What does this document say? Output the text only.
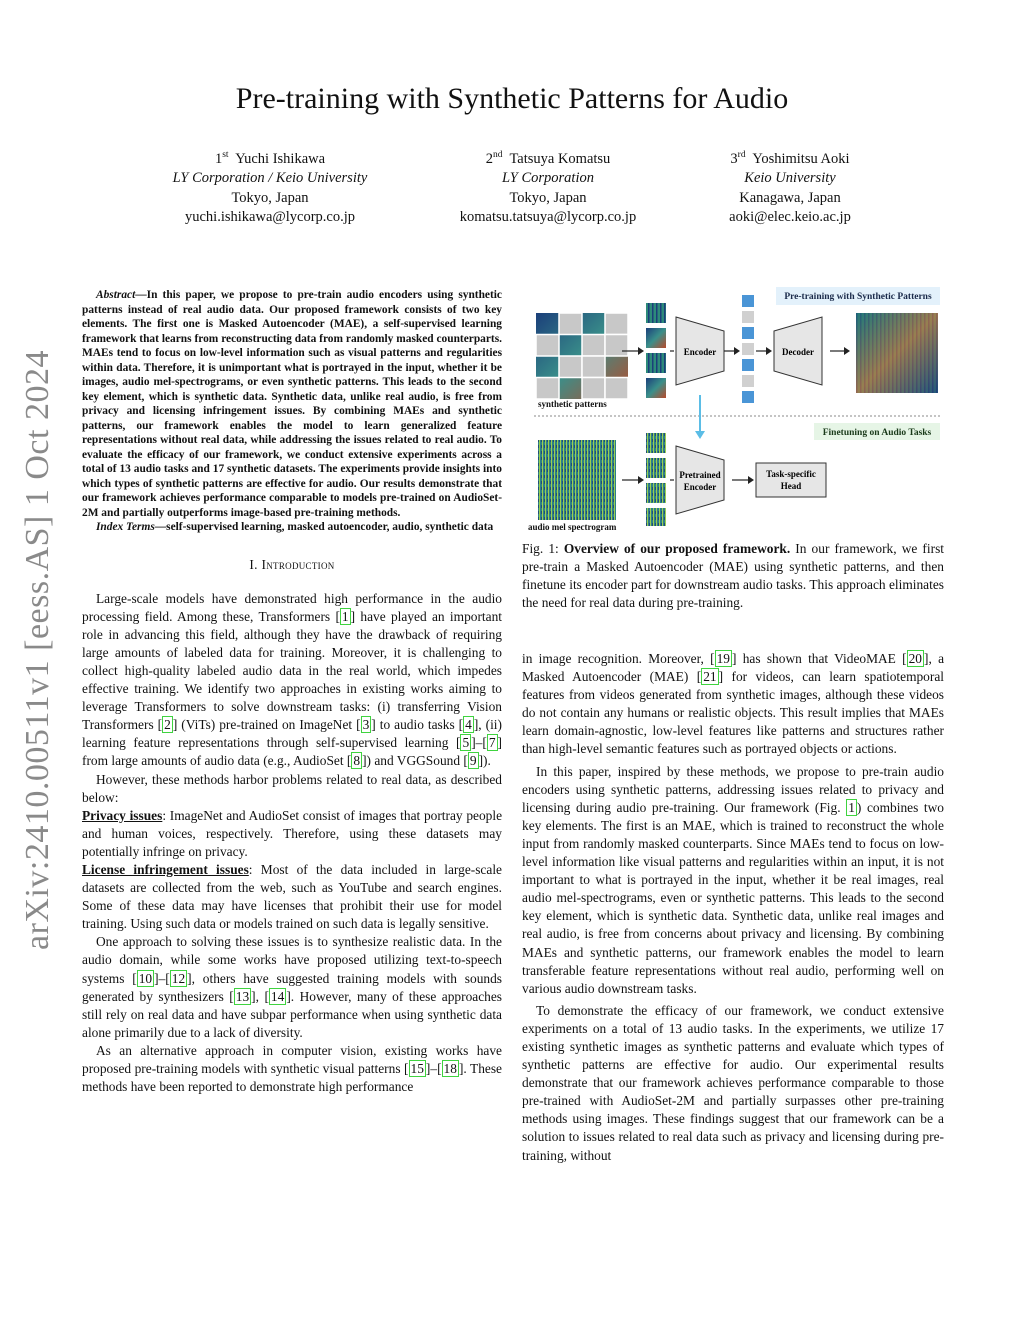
arXiv:2410.00511v1 [eess.AS] 1 Oct 2024
Pre-training with Synthetic Patterns for Audio
1st Yuchi Ishikawa
LY Corporation / Keio University
Tokyo, Japan
yuchi.ishikawa@lycorp.co.jp
2nd Tatsuya Komatsu
LY Corporation
Tokyo, Japan
komatsu.tatsuya@lycorp.co.jp
3rd Yoshimitsu Aoki
Keio University
Kanagawa, Japan
aoki@elec.keio.ac.jp

Abstract—In this paper, we propose to pre-train audio encoders using synthetic patterns instead of real audio data. Our proposed framework consists of two key elements. The first one is Masked Autoencoder (MAE), a self-supervised learning framework that learns from reconstructing data from randomly masked counterparts. MAEs tend to focus on low-level information such as visual patterns and regularities within data. Therefore, it is unimportant what is portrayed in the input, whether it be images, audio mel-spectrograms, or even synthetic patterns. This leads to the second key element, which is synthetic data. Synthetic data, unlike real audio, is free from privacy and licensing infringement issues. By combining MAEs and synthetic patterns, our framework enables the model to learn generalized feature representations without real data, while addressing the issues related to real audio. To evaluate the efficacy of our framework, we conduct extensive experiments across a total of 13 audio tasks and 17 synthetic datasets. The experiments provide insights into which types of synthetic patterns are effective for audio. Our results demonstrate that our framework achieves performance comparable to models pre-trained on AudioSet-2M and partially outperforms image-based pre-training methods.

Index Terms—self-supervised learning, masked autoencoder, audio, synthetic data

I. Introduction

Large-scale models have demonstrated high performance in the audio processing field. Among these, Transformers [ 1 ] have played an important role in advancing this field, although they have the drawback of requiring large amounts of labeled data for training. Moreover, it is challenging to collect high-quality labeled audio data in the real world, which impedes effective training. We identify two approaches in existing works aiming to leverage Transformers to solve downstream tasks: (i) transferring Vision Transformers [ 2 ] (ViTs) pre-trained on ImageNet [ 3 ] to audio tasks [ 4 ], (ii) learning feature representations through self-supervised learning [ 5 ]–[ 7 ] from large amounts of audio data (e.g., AudioSet [ 8 ]) and VGGSound [ 9 ]).

However, these methods harbor problems related to real data, as described below:

Privacy issues: ImageNet and AudioSet consist of images that portray people and human voices, respectively. Therefore, using these datasets may potentially infringe on privacy.

License infringement issues: Most of the data included in large-scale datasets are collected from the web, such as YouTube and search engines. Some of these data may have licenses that prohibit their use for model training. Using such data or models trained on such data is legally sensitive.

One approach to solving these issues is to synthesize realistic data. In the audio domain, while some works have proposed utilizing text-to-speech systems [ 10 ]–[ 12 ], others have suggested training models with sounds generated by synthesizers [ 13 ], [ 14 ]. However, many of these approaches still rely on real data and have subpar performance when using synthetic data alone primarily due to a lack of diversity.

As an alternative approach in computer vision, existing works have proposed pre-training models with synthetic visual patterns [ 15 ]–[ 18 ]. These methods have been reported to demonstrate high performance

Pre-training with Synthetic Patterns
synthetic patterns
Encoder	Decoder
Finetuning on Audio Tasks
audio mel spectrogram
Pretrained
Encoder
Task-specific
Head
Fig. 1: Overview of our proposed framework. In our framework, we first pre-train a Masked Autoencoder (MAE) using synthetic patterns, and then finetune its encoder part for downstream audio tasks. This approach eliminates the need for real data during pre-training.

in image recognition. Moreover, [ 19 ] has shown that VideoMAE [ 20 ], a Masked Autoencoder (MAE) [ 21 ] for videos, can learn spatiotemporal features from videos generated from synthetic images, although these videos do not contain any humans or realistic objects. This result implies that MAEs learn domain-agnostic, low-level features like patterns and structures rather than high-level semantic features such as portrayed objects or actions.

In this paper, inspired by these methods, we propose to pre-train audio encoders using synthetic patterns, addressing issues related to privacy and licensing during audio pre-training. Our framework (Fig. 1 ) combines two key elements. The first is an MAE, which is trained to reconstruct the whole input from randomly masked counterparts. Since MAEs tend to focus on low-level information like visual patterns and regularities within an input, it is not important to what is portrayed in the input, whether it be real images, real audio mel-spectrograms, even or synthetic patterns. This leads to the second key element, which is synthetic data. Synthetic data, unlike real images and real audio, is free from concerns about privacy and licensing. By combining MAEs and synthetic patterns, our framework enables the model to learn transferable feature representations without real audio, performing well on various audio downstream tasks.

To demonstrate the efficacy of our framework, we conduct extensive experiments on a total of 13 audio tasks. In the experiments, we utilize 17 existing synthetic images as synthetic patterns and evaluate which types of synthetic patterns are effective for audio. Our experimental results demonstrate that our framework achieves performance comparable to those pre-trained with AudioSet-2M and partially surpasses other pre-training methods using images. These findings suggest that our framework can be a solution to issues related to real data such as privacy and licensing during pre-training, without
